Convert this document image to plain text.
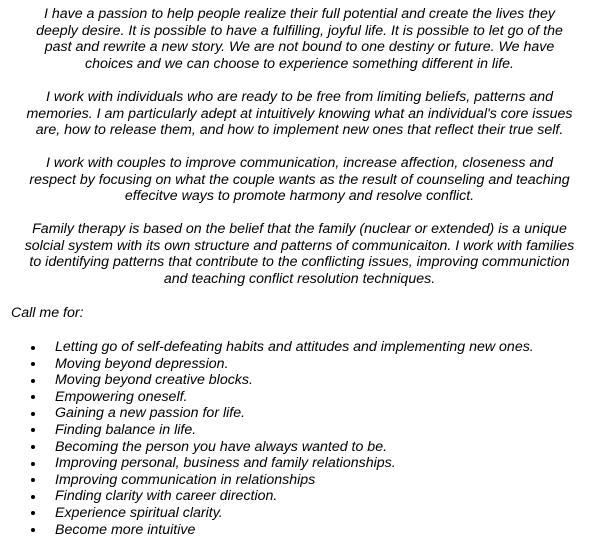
I have a passion to help people realize their full potential and create the lives they
deeply desire. It is possible to have a fulfilling, joyful life. It is possible to let go of the
past and rewrite a new story. We are not bound to one destiny or future. We have
choices and we can choose to experience something different in life.

I work with individuals who are ready to be free from limiting beliefs, patterns and
memories. I am particularly adept at intuitively knowing what an individual's core issues
are, how to release them, and how to implement new ones that reflect their true self.

I work with couples to improve communication, increase affection, closeness and
respect by focusing on what the couple wants as the result of counseling and teaching
effecitve ways to promote harmony and resolve conflict.

Family therapy is based on the belief that the family (nuclear or extended) is a unique
solcial system with its own structure and patterns of communicaiton. I work with families
to identifying patterns that contribute to the conflicting issues, improving communiction
and teaching conflict resolution techniques.

Call me for:

Letting go of self-defeating habits and attitudes and implementing new ones.
Moving beyond depression.
Moving beyond creative blocks.
Empowering oneself.
Gaining a new passion for life.
Finding balance in life.
Becoming the person you have always wanted to be.
Improving personal, business and family relationships.
Improving communication in relationships
Finding clarity with career direction.
Experience spiritual clarity.
Become more intuitive
